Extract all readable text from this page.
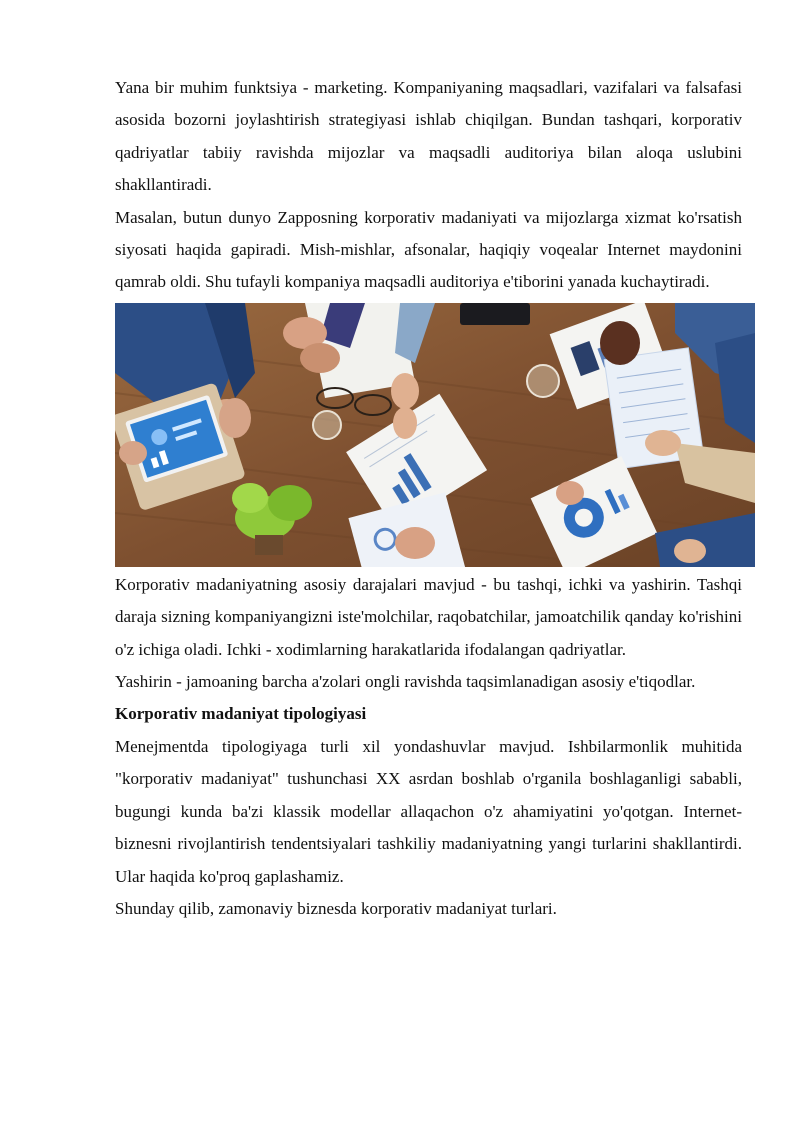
Yana bir muhim funktsiya - marketing. Kompaniyaning maqsadlari, vazifalari va falsafasi asosida bozorni joylashtirish strategiyasi ishlab chiqilgan. Bundan tashqari, korporativ qadriyatlar tabiiy ravishda mijozlar va maqsadli auditoriya bilan aloqa uslubini shakllantiradi.

Masalan, butun dunyo Zapposning korporativ madaniyati va mijozlarga xizmat ko'rsatish siyosati haqida gapiradi. Mish-mishlar, afsonalar, haqiqiy voqealar Internet maydonini qamrab oldi. Shu tufayli kompaniya maqsadli auditoriya e'tiborini yanada kuchaytiradi.

Korporativ madaniyatning asosiy darajalari mavjud - bu tashqi, ichki va yashirin. Tashqi daraja sizning kompaniyangizni iste'molchilar, raqobatchilar, jamoatchilik qanday ko'rishini o'z ichiga oladi. Ichki - xodimlarning harakatlarida ifodalangan qadriyatlar.

Yashirin - jamoaning barcha a'zolari ongli ravishda taqsimlanadigan asosiy e'tiqodlar.

Korporativ madaniyat tipologiyasi

Menejmentda tipologiyaga turli xil yondashuvlar mavjud. Ishbilarmonlik muhitida "korporativ madaniyat" tushunchasi XX asrdan boshlab o'rganila boshlaganligi sababli, bugungi kunda ba'zi klassik modellar allaqachon o'z ahamiyatini yo'qotgan. Internet-biznesni rivojlantirish tendentsiyalari tashkiliy madaniyatning yangi turlarini shakllantirdi. Ular haqida ko'proq gaplashamiz.

Shunday qilib, zamonaviy biznesda korporativ madaniyat turlari.
